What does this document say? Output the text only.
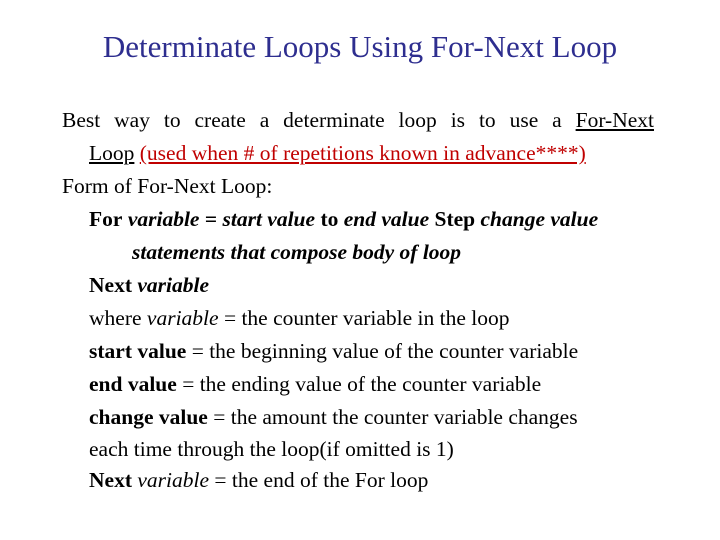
Determinate Loops Using For-Next Loop
Best way to create a determinate loop is to use a For-Next
Loop (used when # of repetitions known in advance****)
Form of For-Next Loop:
For variable = start value to end value Step change value
statements that compose body of loop
Next variable
where variable = the counter variable in the loop
start value = the beginning value of the counter variable
end value = the ending value of the counter variable
change value = the amount the counter variable changes
each time through the loop(if omitted is 1)
Next variable = the end of the For loop
